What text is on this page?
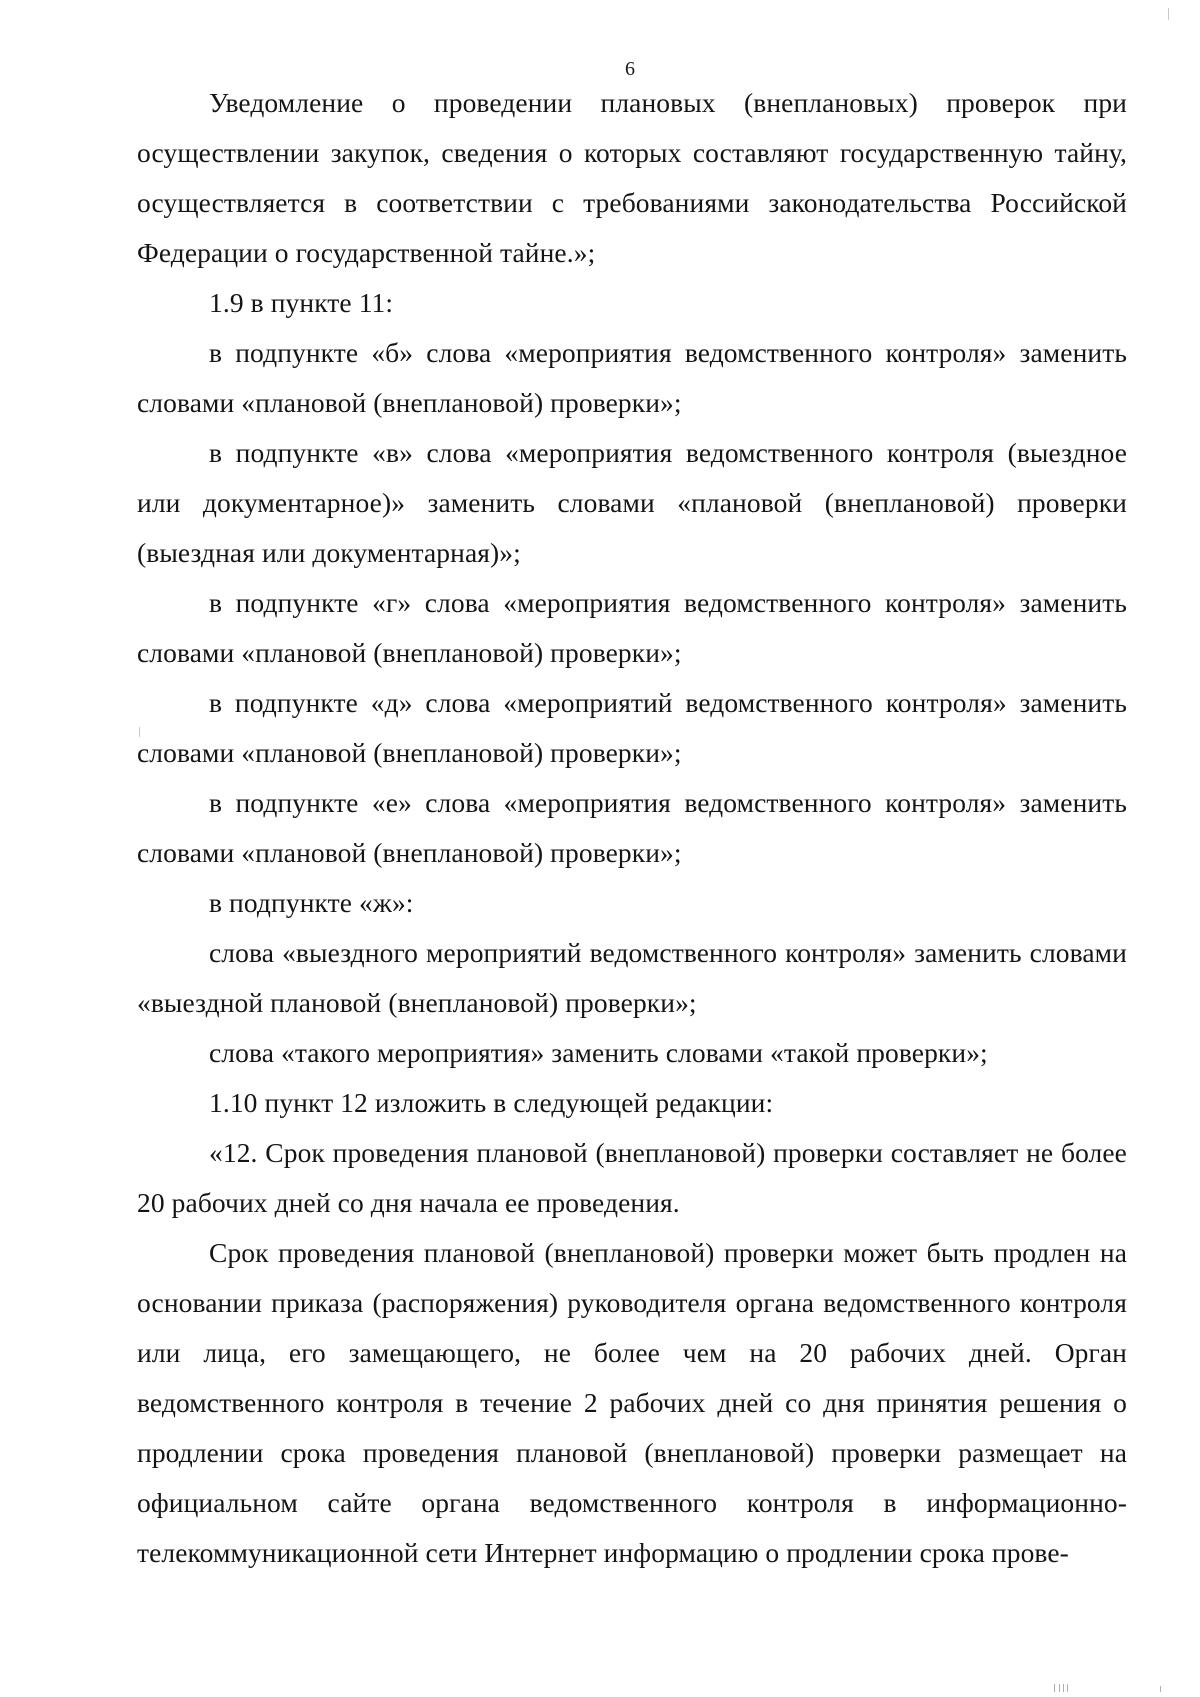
6

Уведомление о проведении плановых (внеплановых) проверок при осуществлении закупок, сведения о которых составляют государственную тайну, осуществляется в соответствии с требованиями законодательства Российской Федерации о государственной тайне.»;

1.9 в пункте 11:

в подпункте «б» слова «мероприятия ведомственного контроля» заменить словами «плановой (внеплановой) проверки»;

в подпункте «в» слова «мероприятия ведомственного контроля (выездное или документарное)» заменить словами «плановой (внеплановой) проверки (выездная или документарная)»;

в подпункте «г» слова «мероприятия ведомственного контроля» заменить словами «плановой (внеплановой) проверки»;

в подпункте «д» слова «мероприятий ведомственного контроля» заменить словами «плановой (внеплановой) проверки»;

в подпункте «е» слова «мероприятия ведомственного контроля» заменить словами «плановой (внеплановой) проверки»;

в подпункте «ж»:

слова «выездного мероприятий ведомственного контроля» заменить словами «выездной плановой (внеплановой) проверки»;

слова «такого мероприятия» заменить словами «такой проверки»;

1.10 пункт 12 изложить в следующей редакции:

«12. Срок проведения плановой (внеплановой) проверки составляет не более 20 рабочих дней со дня начала ее проведения.

Срок проведения плановой (внеплановой) проверки может быть продлен на основании приказа (распоряжения) руководителя органа ведомственного контроля или лица, его замещающего, не более чем на 20 рабочих дней. Орган ведомственного контроля в течение 2 рабочих дней со дня принятия решения о продлении срока проведения плановой (внеплановой) проверки размещает на официальном сайте органа ведомственного контроля в информационно-телекоммуникационной сети Интернет информацию о продлении срока прове-
